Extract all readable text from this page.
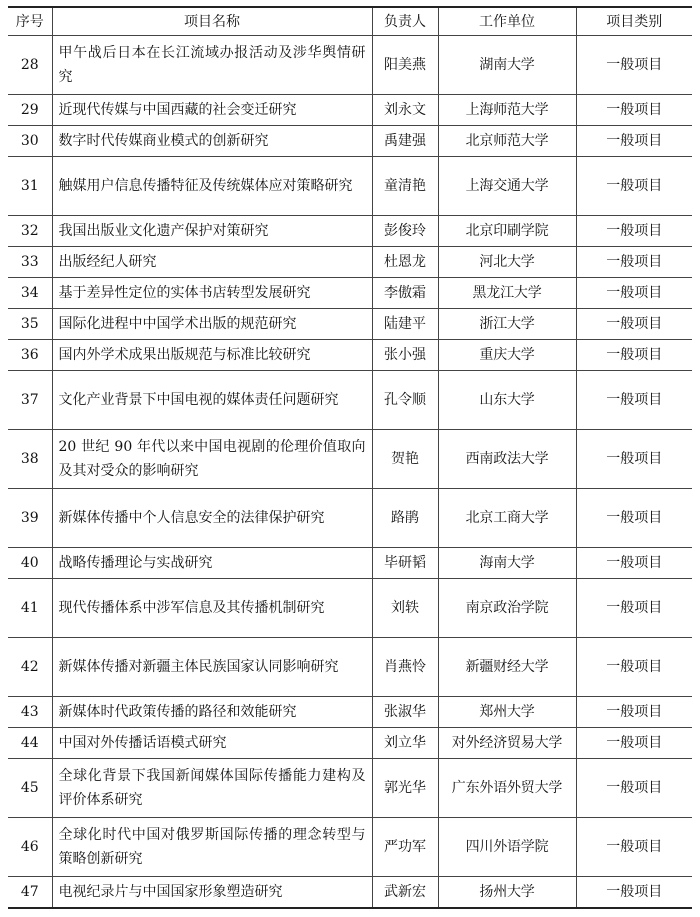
序号	项目名称	负责人	工作单位	项目类别
28	甲午战后日本在长江流域办报活动及涉华舆情研究	阳美燕	湖南大学	一般项目
29	近现代传媒与中国西藏的社会变迁研究	刘永文	上海师范大学	一般项目
30	数字时代传媒商业模式的创新研究	禹建强	北京师范大学	一般项目
31	触媒用户信息传播特征及传统媒体应对策略研究	童清艳	上海交通大学	一般项目
32	我国出版业文化遗产保护对策研究	彭俊玲	北京印刷学院	一般项目
33	出版经纪人研究	杜恩龙	河北大学	一般项目
34	基于差异性定位的实体书店转型发展研究	李傲霜	黑龙江大学	一般项目
35	国际化进程中中国学术出版的规范研究	陆建平	浙江大学	一般项目
36	国内外学术成果出版规范与标准比较研究	张小强	重庆大学	一般项目
37	文化产业背景下中国电视的媒体责任问题研究	孔令顺	山东大学	一般项目
38	20 世纪 90 年代以来中国电视剧的伦理价值取向及其对受众的影响研究	贺艳	西南政法大学	一般项目
39	新媒体传播中个人信息安全的法律保护研究	路鹃	北京工商大学	一般项目
40	战略传播理论与实战研究	毕研韬	海南大学	一般项目
41	现代传播体系中涉军信息及其传播机制研究	刘轶	南京政治学院	一般项目
42	新媒体传播对新疆主体民族国家认同影响研究	肖燕怜	新疆财经大学	一般项目
43	新媒体时代政策传播的路径和效能研究	张淑华	郑州大学	一般项目
44	中国对外传播话语模式研究	刘立华	对外经济贸易大学	一般项目
45	全球化背景下我国新闻媒体国际传播能力建构及评价体系研究	郭光华	广东外语外贸大学	一般项目
46	全球化时代中国对俄罗斯国际传播的理念转型与策略创新研究	严功军	四川外语学院	一般项目
47	电视纪录片与中国国家形象塑造研究	武新宏	扬州大学	一般项目
